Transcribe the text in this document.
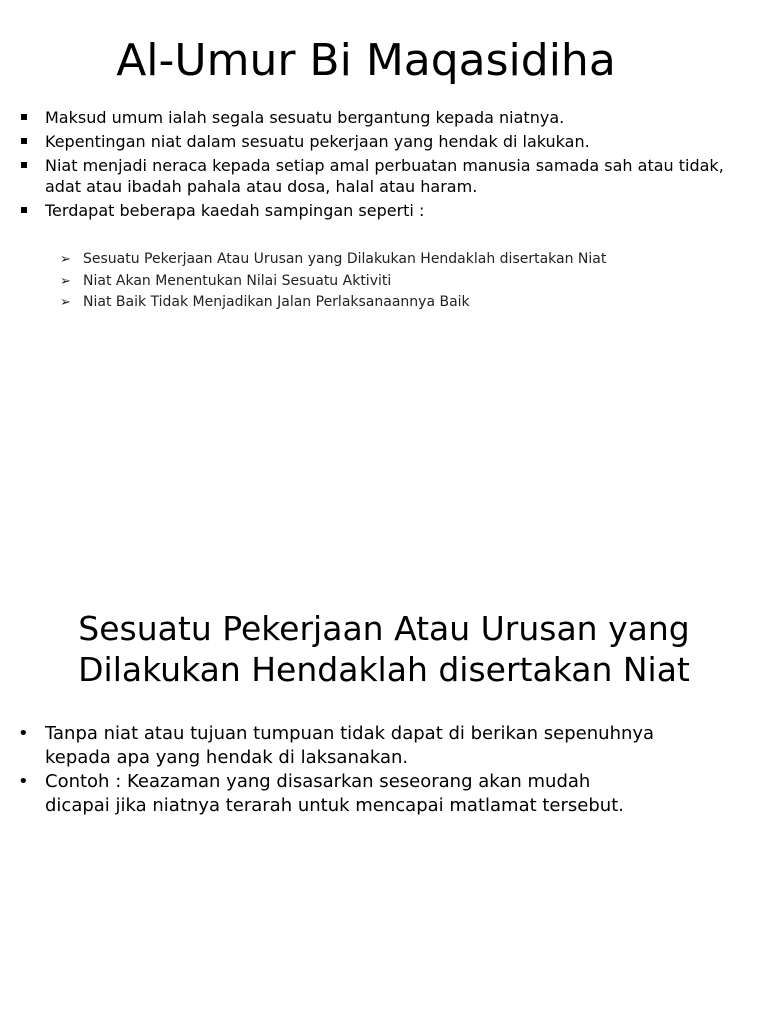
Al-Umur Bi Maqasidiha
Maksud umum ialah segala sesuatu bergantung kepada niatnya.
Kepentingan niat dalam sesuatu pekerjaan yang hendak di lakukan.
Niat menjadi neraca kepada setiap amal perbuatan manusia samada sah atau tidak, adat atau ibadah pahala atau dosa, halal atau haram.
Terdapat beberapa kaedah sampingan seperti :
➢ Sesuatu Pekerjaan Atau Urusan yang Dilakukan Hendaklah disertakan Niat
➢ Niat Akan Menentukan Nilai Sesuatu Aktiviti
➢ Niat Baik Tidak Menjadikan Jalan Perlaksanaannya Baik
Sesuatu Pekerjaan Atau Urusan yang Dilakukan Hendaklah disertakan Niat
• Tanpa niat atau tujuan tumpuan tidak dapat di berikan sepenuhnya kepada apa yang hendak di laksanakan.
• Contoh : Keazaman yang disasarkan seseorang akan mudah dicapai jika niatnya terarah untuk mencapai matlamat tersebut.
